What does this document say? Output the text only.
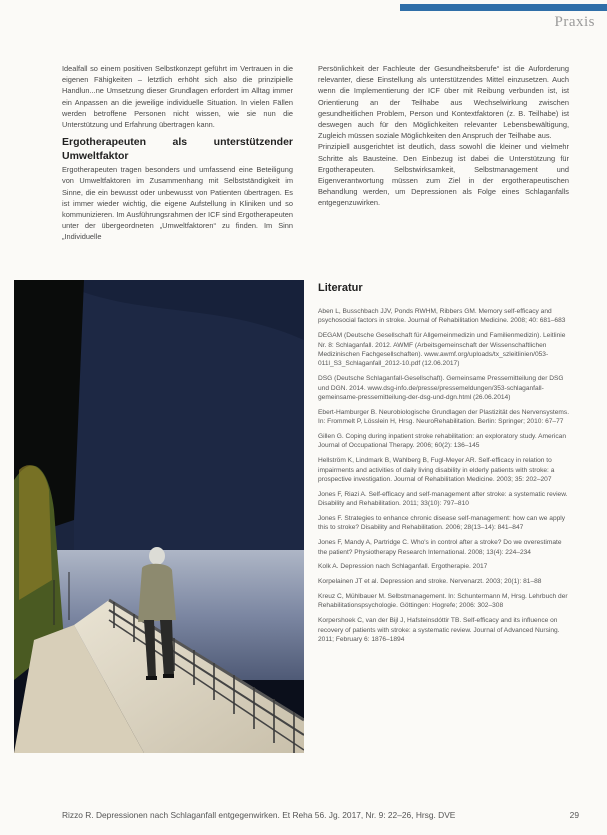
Praxis

Idealfall so einem positiven Selbstkonzept geführt im Vertrauen in die eigenen Fähigkeiten – letztlich erhöht sich also die prinzipielle Handlun...ne Umsetzung dieser Grundlagen erfordert im Alltag immer ein Anpassen an die jeweilige individuelle Situation. In vielen Fällen werden betroffene Personen nicht wissen, wie sie nun die Unterstützung und Erfahrung übertragen kann.

Ergotherapeuten als unterstützender Umweltfaktor

Ergotherapeuten tragen besonders und umfassend eine Beteiligung von Umweltfaktoren im Zusammenhang mit Selbstständigkeit im Sinne, die ein bewusst oder unbewusst von Patienten übertragen. Es ist immer wieder wichtig, die eigene Aufstellung in Kliniken und so kommunizieren. Im Ausführungsrahmen der ICF sind Ergotherapeuten unter der übergeordneten „Umweltfaktoren“ zu finden. Im Sinn „Individuelle

Persönlichkeit der Fachleute der Gesundheitsberufe“ ist die Auforderung relevanter, diese Einstellung als unterstützendes Mittel einzusetzen. Auch wenn die Implementierung der ICF über mit Reibung verbunden ist, ist Orientierung an der Teilhabe aus Wechselwirkung zwischen gesundheitlichen Problem, Person und Kontextfaktoren (z. B. Teilhabe) ist deswegen auch für den Möglichkeiten relevanter Lebensbewältigung, Zugleich müssen soziale Möglichkeiten den Anspruch der Teilhabe aus.

Prinzipiell ausgerichtet ist deutlich, dass sowohl die kleiner und vielmehr Schritte als Bausteine. Den Einbezug ist dabei die Unterstützung für Ergotherapeuten. Selbstwirksamkeit, Selbstmanagement und Eigenverantwortung müssen zum Ziel in der ergotherapeutischen Behandlung werden, um Depressionen als Folge eines Schlaganfalls entgegenzuwirken.

Literatur

Aben L, Busschbach JJV, Ponds RWHM, Ribbers GM. Memory self-efficacy and psychosocial factors in stroke. Journal of Rehabilitation Medicine. 2008; 40: 681–683

DEGAM (Deutsche Gesellschaft für Allgemeinmedizin und Familienmedizin). Leitlinie Nr. 8: Schlaganfall. 2012. AWMF (Arbeitsgemeinschaft der Wissenschaftlichen Medizinischen Fachgesellschaften). www.awmf.org/uploads/tx_szleitlinien/053-011l_S3_Schlaganfall_2012-10.pdf (12.06.2017)

DSG (Deutsche Schlaganfall-Gesellschaft). Gemeinsame Pressemitteilung der DSG und DGN. 2014. www.dsg-info.de/presse/pressemeldungen/353-schlaganfall-gemeinsame-pressemitteilung-der-dsg-und-dgn.html (26.06.2014)

Ebert-Hamburger B. Neurobiologische Grundlagen der Plastizität des Nervensystems. In: Frommelt P, Lösslein H, Hrsg. NeuroRehabilitation. Berlin: Springer; 2010: 67–77

Gillen G. Coping during inpatient stroke rehabilitation: an exploratory study. American Journal of Occupational Therapy. 2006; 60(2): 136–145

Hellström K, Lindmark B, Wahlberg B, Fugl-Meyer AR. Self-efficacy in relation to impairments and activities of daily living disability in elderly patients with stroke: a prospective investigation. Journal of Rehabilitation Medicine. 2003; 35: 202–207

Jones F, Riazi A. Self-efficacy and self-management after stroke: a systematic review. Disability and Rehabilitation. 2011; 33(10): 797–810

Jones F. Strategies to enhance chronic disease self-management: how can we apply this to stroke? Disability and Rehabilitation. 2006; 28(13–14): 841–847

Jones F, Mandy A, Partridge C. Who's in control after a stroke? Do we overestimate the patient? Physiotherapy Research International. 2008; 13(4): 224–234

Kolk A. Depression nach Schlaganfall. Ergotherapie. 2017

Korpelainen JT et al. Depression and stroke. Nervenarzt. 2003; 20(1): 81–88

Kreuz C, Mühlbauer M. Selbstmanagement. In: Schuntermann M, Hrsg. Lehrbuch der Rehabilitationspsychologie. Göttingen: Hogrefe; 2006: 302–308

Korpershoek C, van der Bijl J, Hafsteinsdóttir TB. Self-efficacy and its influence on recovery of patients with stroke: a systematic review. Journal of Advanced Nursing. 2011; February 6: 1876–1894

Rizzo R. Depressionen nach Schlaganfall entgegenwirken. Et Reha 56. Jg. 2017, Nr. 9: 22–26, Hrsg. DVE	29
